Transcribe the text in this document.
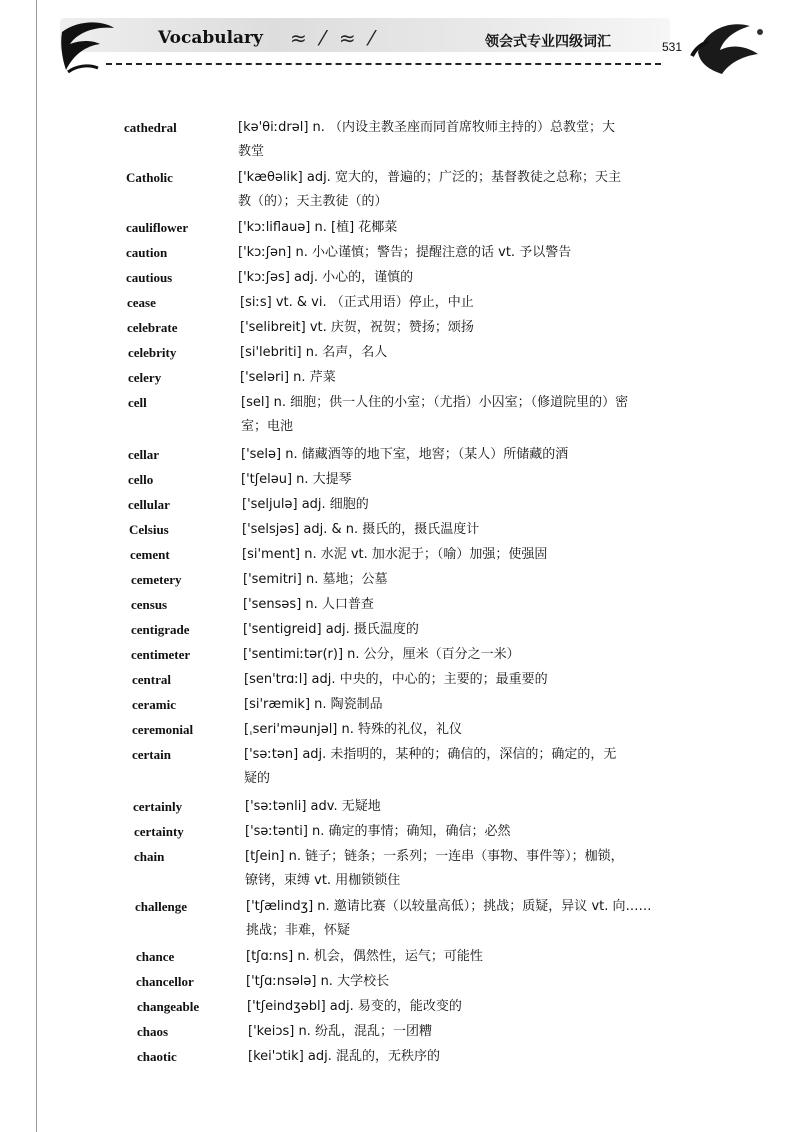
Vocabulary ≈ ⁄ ≈ ⁄	领会式专业四级词汇	531
cathedral	[kə'θiːdrəl] n. （内设主教圣座而同首席牧师主持的）总教堂；大
教堂
Catholic	['kæθəlik] adj. 宽大的，普遍的；广泛的；基督教徒之总称；天主
教（的）；天主教徒（的）
cauliflower	['kɔːliflauə] n. [植] 花椰菜
caution	['kɔːʃən] n. 小心谨慎；警告；提醒注意的话 vt. 予以警告
cautious	['kɔːʃəs] adj. 小心的，谨慎的
cease	[siːs] vt. & vi. （正式用语）停止，中止
celebrate	['selibreit] vt. 庆贺，祝贺；赞扬；颂扬
celebrity	[si'lebriti] n. 名声，名人
celery	['seləri] n. 芹菜
cell	[sel] n. 细胞；供一人住的小室；（尤指）小囚室；（修道院里的）密
室；电池
cellar	['selə] n. 储藏酒等的地下室，地窖；（某人）所储藏的酒
cello	['tʃeləu] n. 大提琴
cellular	['seljulə] adj. 细胞的
Celsius	['selsjəs] adj. & n. 摄氏的，摄氏温度计
cement	[si'ment] n. 水泥 vt. 加水泥于；（喻）加强；使强固
cemetery	['semitri] n. 墓地；公墓
census	['sensəs] n. 人口普查
centigrade	['sentigreid] adj. 摄氏温度的
centimeter	['sentimiːtər(r)] n. 公分，厘米（百分之一米）
central	[sen'trɑːl] adj. 中央的，中心的；主要的；最重要的
ceramic	[si'ræmik] n. 陶瓷制品
ceremonial	[ˌseri'məunjəl] n. 特殊的礼仪，礼仪
certain	['səːtən] adj. 未指明的，某种的；确信的，深信的；确定的，无
疑的
certainly	['səːtənli] adv. 无疑地
certainty	['səːtənti] n. 确定的事情；确知，确信；必然
chain	[tʃein] n. 链子；链条；一系列；一连串（事物、事件等）；枷锁，
镣铐，束缚 vt. 用枷锁锁住
challenge	['tʃælindʒ] n. 邀请比赛（以较量高低）；挑战；质疑，异议 vt. 向……
挑战；非难，怀疑
chance	[tʃɑːns] n. 机会，偶然性，运气；可能性
chancellor	['tʃɑːnsələ] n. 大学校长
changeable	['tʃeindʒəbl] adj. 易变的，能改变的
chaos	['keiɔs] n. 纷乱，混乱；一团糟
chaotic	[kei'ɔtik] adj. 混乱的，无秩序的
